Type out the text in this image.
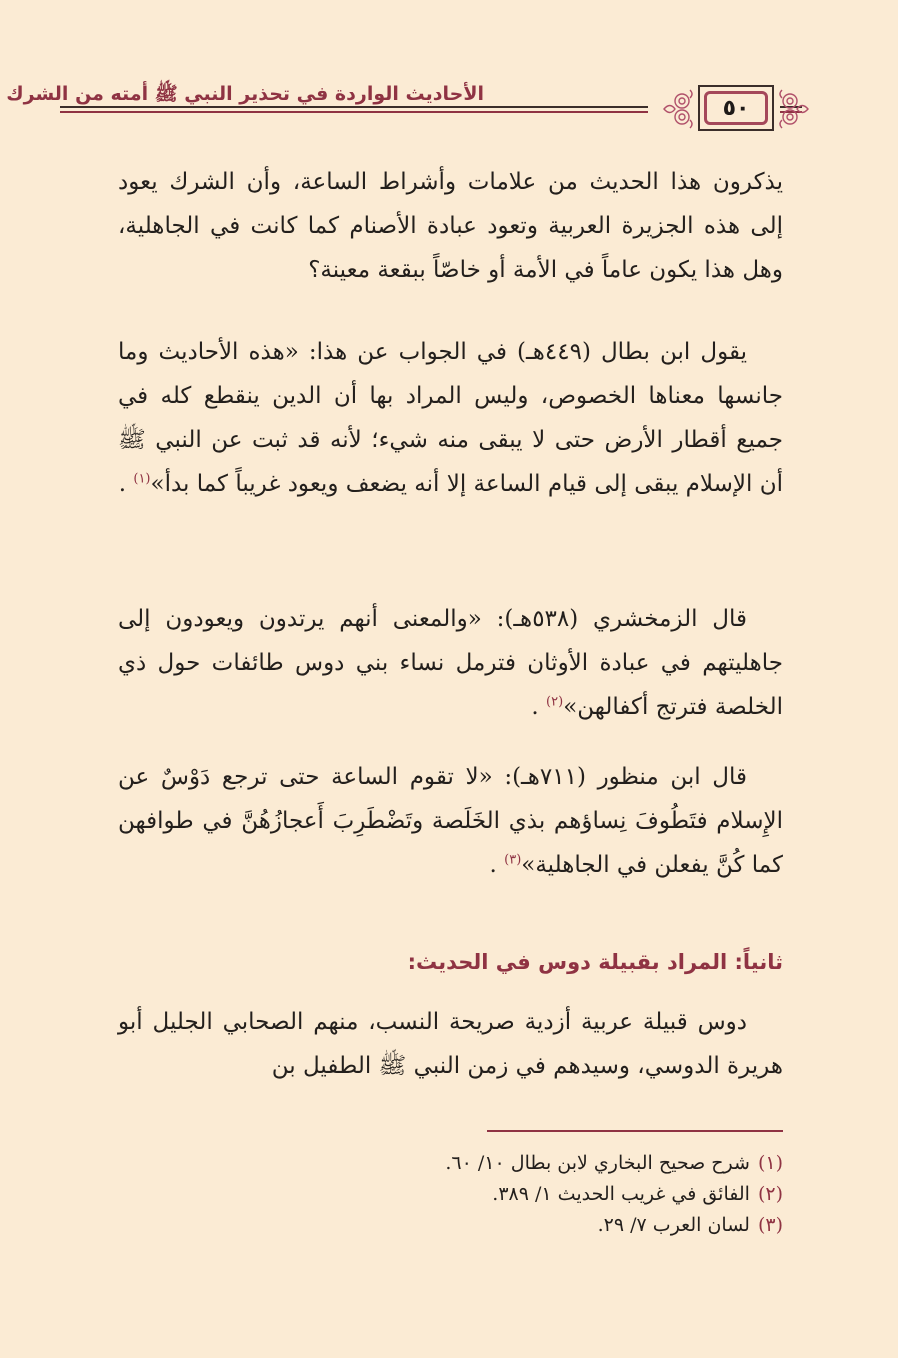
الأحاديث الواردة في تحذير النبي ﷺ أمته من الشرك
٥٠

يذكرون هذا الحديث من علامات وأشراط الساعة، وأن الشرك يعود إلى هذه الجزيرة العربية وتعود عبادة الأصنام كما كانت في الجاهلية، وهل هذا يكون عاماً في الأمة أو خاصّاً ببقعة معينة؟

يقول ابن بطال (٤٤٩هـ) في الجواب عن هذا: «هذه الأحاديث وما جانسها معناها الخصوص، وليس المراد بها أن الدين ينقطع كله في جميع أقطار الأرض حتى لا يبقى منه شيء؛ لأنه قد ثبت عن النبي ﷺ أن الإسلام يبقى إلى قيام الساعة إلا أنه يضعف ويعود غريباً كما بدأ»$^{(١)}$ .

قال الزمخشري (٥٣٨هـ): «والمعنى أنهم يرتدون ويعودون إلى جاهليتهم في عبادة الأوثان فترمل نساء بني دوس طائفات حول ذي الخلصة فترتج أكفالهن»$^{(٢)}$ .

قال ابن منظور (٧١١هـ): «لا تقوم الساعة حتى ترجع دَوْسٌ عن الإِسلام فتَطُوفَ نِساؤهم بذي الخَلَصة وتَضْطَرِبَ أَعجازُهُنَّ في طوافهن كما كُنَّ يفعلن في الجاهلية»$^{(٣)}$ .

ثانياً: المراد بقبيلة دوس في الحديث:

دوس قبيلة عربية أزدية صريحة النسب، منهم الصحابي الجليل أبو هريرة الدوسي، وسيدهم في زمن النبي ﷺ الطفيل بن

(١)شرح صحيح البخاري لابن بطال ١٠/ ٦٠.
(٢)الفائق في غريب الحديث ١/ ٣٨٩.
(٣)لسان العرب ٧/ ٢٩.
